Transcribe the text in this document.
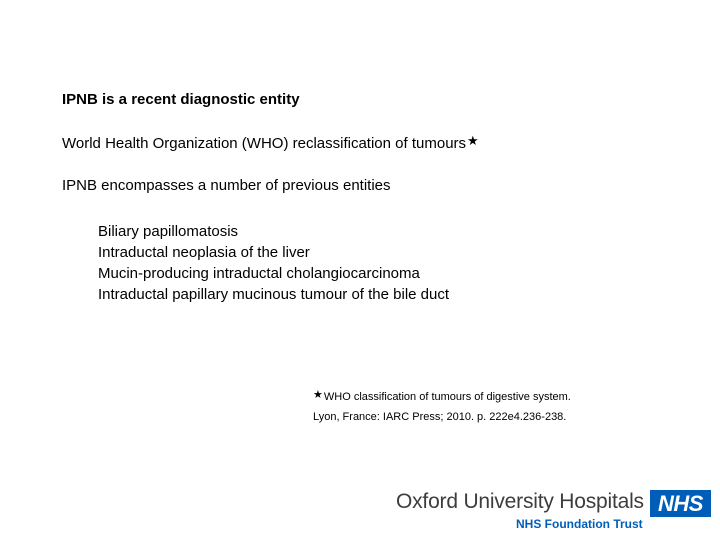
IPNB is a recent diagnostic entity
World Health Organization (WHO) reclassification of tumours★
IPNB encompasses a number of previous entities
Biliary papillomatosis
Intraductal neoplasia of the liver
Mucin-producing intraductal cholangiocarcinoma
Intraductal papillary mucinous tumour of the bile duct
★WHO classification of tumours of digestive system.
Lyon, France: IARC Press; 2010. p. 222e4.236-238.
Oxford University Hospitals
NHS Foundation Trust
NHS
